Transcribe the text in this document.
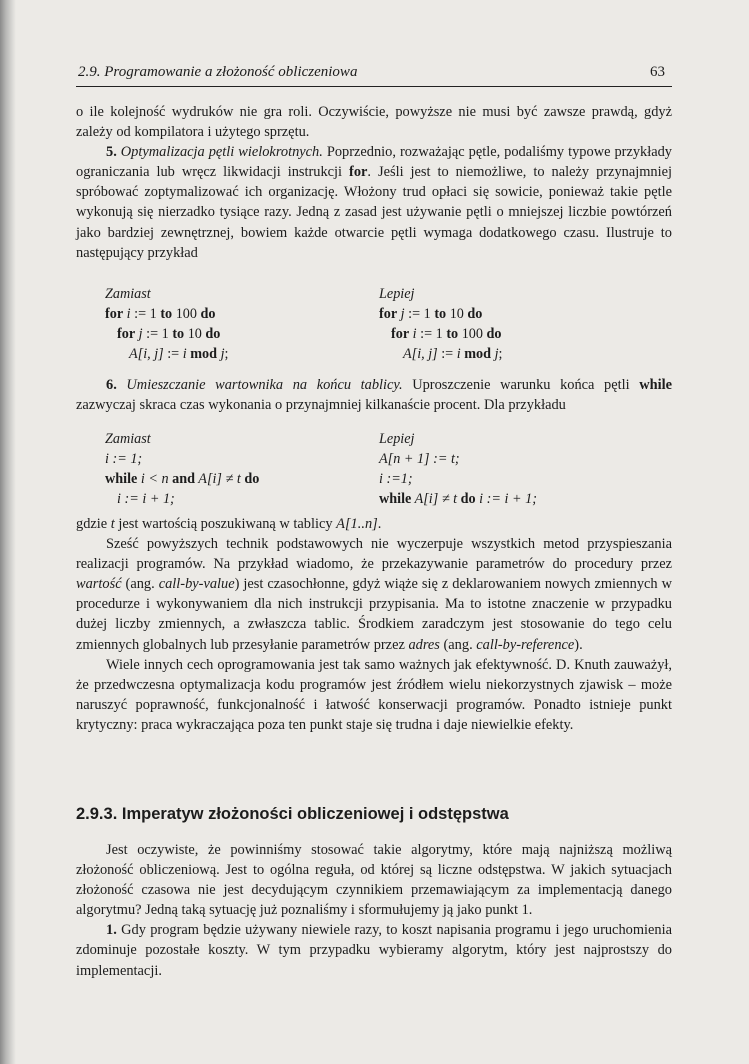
2.9. Programowanie a złożoność obliczeniowa	63

o ile kolejność wydruków nie gra roli. Oczywiście, powyższe nie musi być zawsze prawdą, gdyż zależy od kompilatora i użytego sprzętu.

5. Optymalizacja pętli wielokrotnych. Poprzednio, rozważając pętle, podaliśmy typowe przykłady ograniczania lub wręcz likwidacji instrukcji for. Jeśli jest to niemożliwe, to należy przynajmniej spróbować zoptymalizować ich organizację. Włożony trud opłaci się sowicie, ponieważ takie pętle wykonują się nierzadko tysiące razy. Jedną z zasad jest używanie pętli o mniejszej liczbie powtórzeń jako bardziej zewnętrznej, bowiem każde otwarcie pętli wymaga dodatkowego czasu. Ilustruje to następujący przykład

Zamiast
for i := 1 to 100 do
for j := 1 to 10 do
A[i, j] := i mod j;
Lepiej
for j := 1 to 10 do
for i := 1 to 100 do
A[i, j] := i mod j;

6. Umieszczanie wartownika na końcu tablicy. Uproszczenie warunku końca pętli while zazwyczaj skraca czas wykonania o przynajmniej kilkanaście procent. Dla przykładu

Zamiast
i := 1;
while i < n and A[i] ≠ t do
i := i + 1;
Lepiej
A[n + 1] := t;
i :=1;
while A[i] ≠ t do i := i + 1;

gdzie t jest wartością poszukiwaną w tablicy A[1..n].

Sześć powyższych technik podstawowych nie wyczerpuje wszystkich metod przyspieszania realizacji programów. Na przykład wiadomo, że przekazywanie parametrów do procedury przez wartość (ang. call-by-value) jest czasochłonne, gdyż wiąże się z deklarowaniem nowych zmiennych w procedurze i wykonywaniem dla nich instrukcji przypisania. Ma to istotne znaczenie w przypadku dużej liczby zmiennych, a zwłaszcza tablic. Środkiem zaradczym jest stosowanie do tego celu zmiennych globalnych lub przesyłanie parametrów przez adres (ang. call-by-reference).

Wiele innych cech oprogramowania jest tak samo ważnych jak efektywność. D. Knuth zauważył, że przedwczesna optymalizacja kodu programów jest źródłem wielu niekorzystnych zjawisk – może naruszyć poprawność, funkcjonalność i łatwość konserwacji programów. Ponadto istnieje punkt krytyczny: praca wykraczająca poza ten punkt staje się trudna i daje niewielkie efekty.

2.9.3. Imperatyw złożoności obliczeniowej i odstępstwa

Jest oczywiste, że powinniśmy stosować takie algorytmy, które mają najniższą możliwą złożoność obliczeniową. Jest to ogólna reguła, od której są liczne odstępstwa. W jakich sytuacjach złożoność czasowa nie jest decydującym czynnikiem przemawiającym za implementacją danego algorytmu? Jedną taką sytuację już poznaliśmy i sformułujemy ją jako punkt 1.

1. Gdy program będzie używany niewiele razy, to koszt napisania programu i jego uruchomienia zdominuje pozostałe koszty. W tym przypadku wybieramy algorytm, który jest najprostszy do implementacji.
